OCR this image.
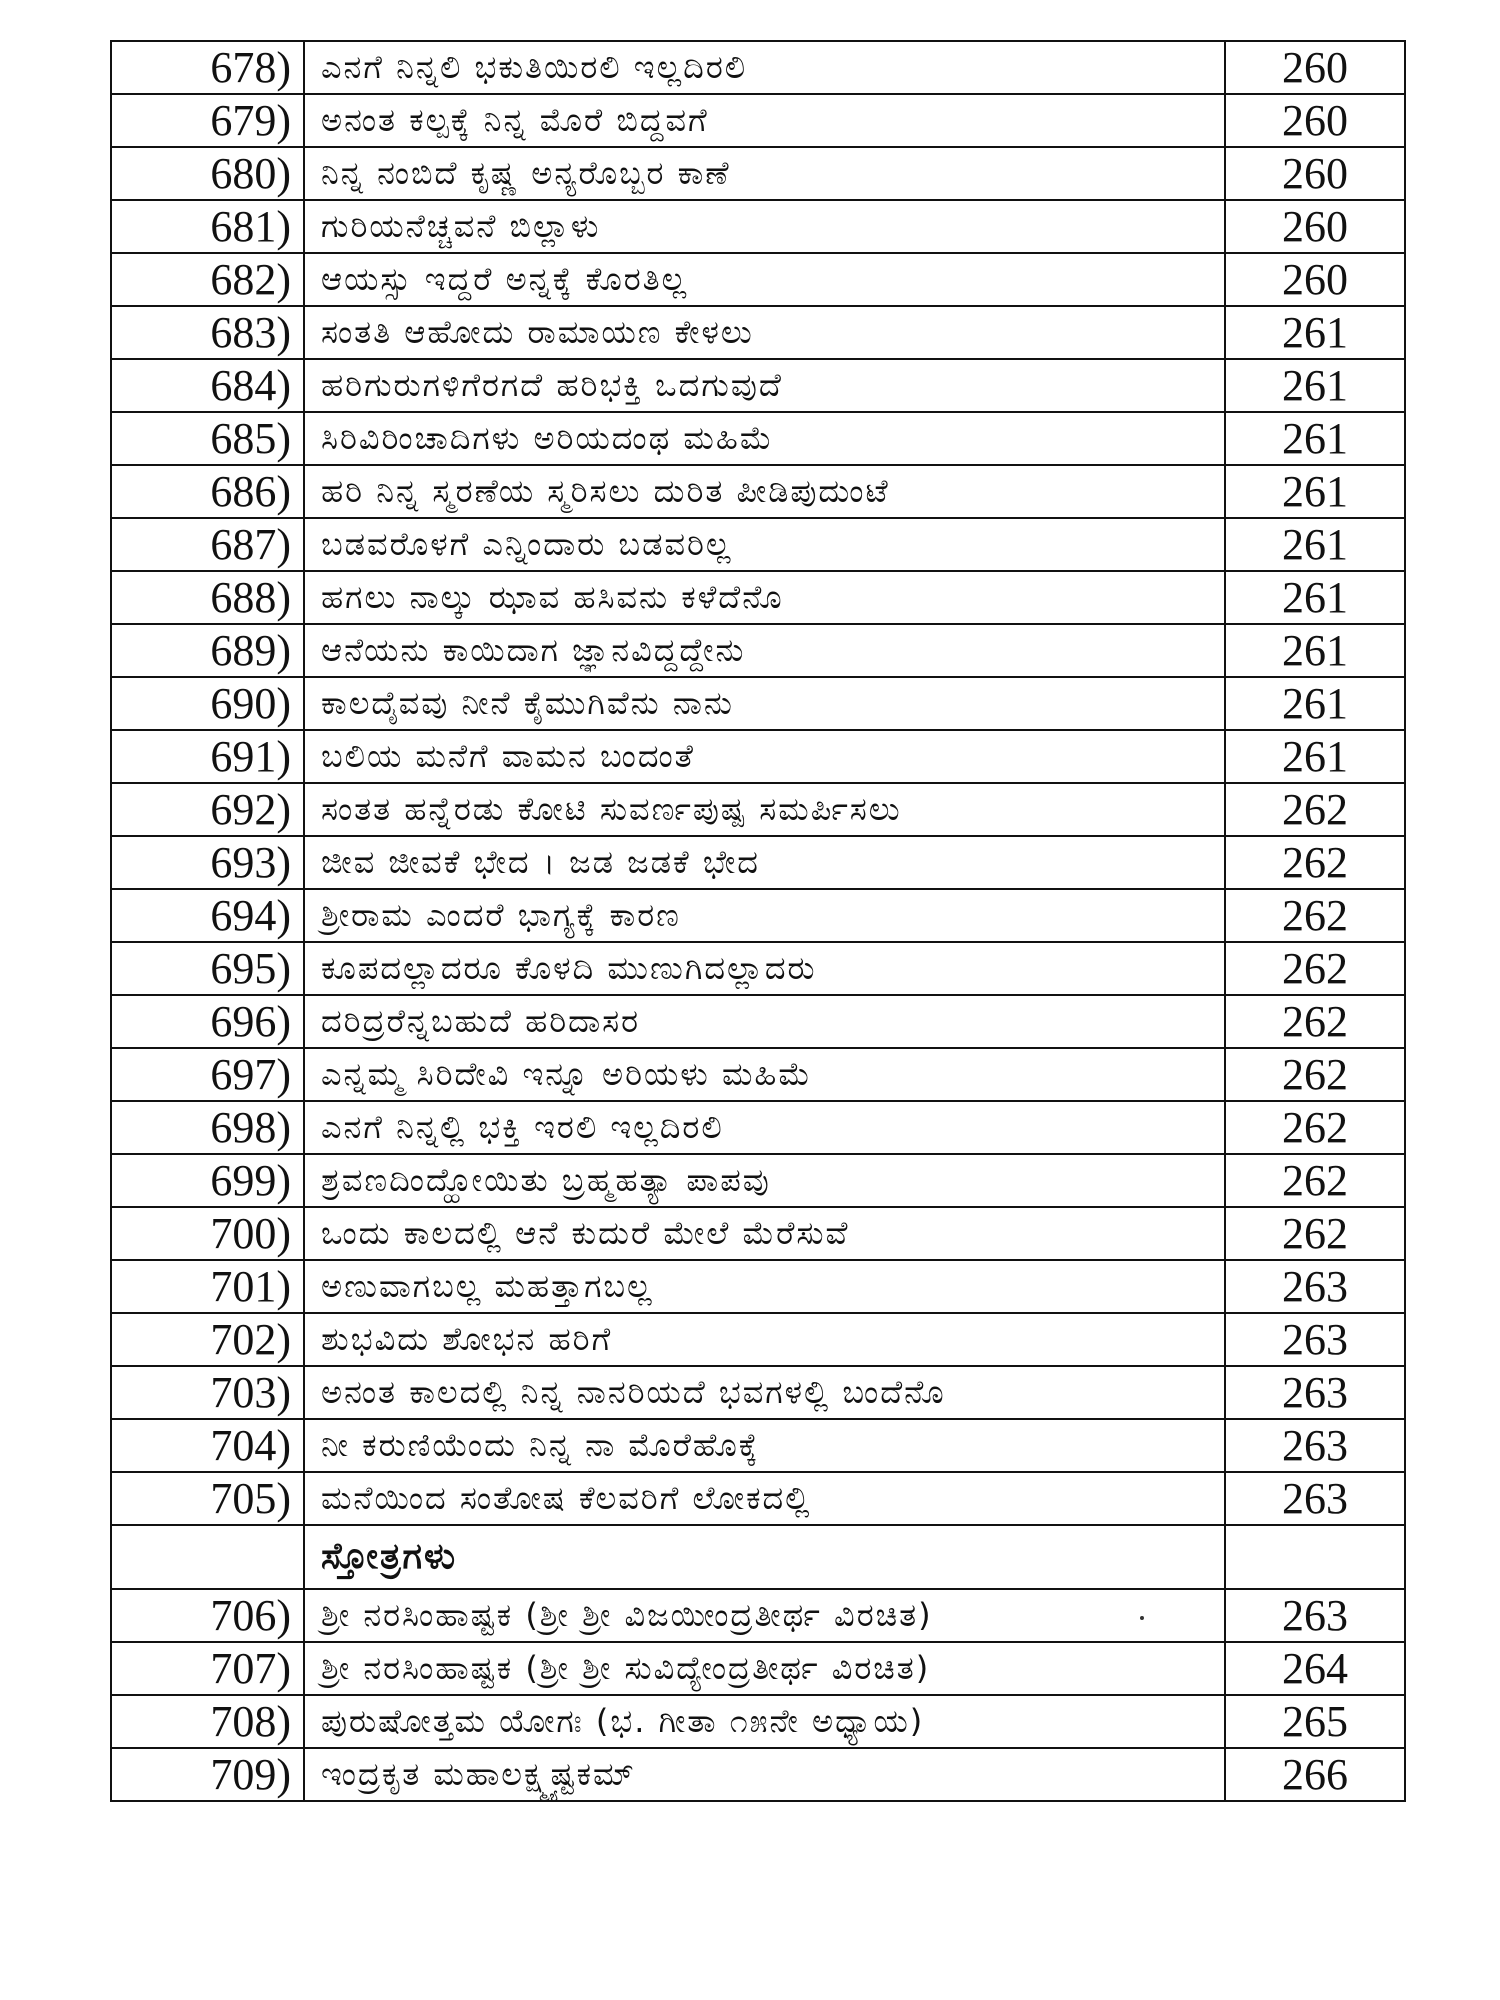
678)	ಎನಗೆ ನಿನ್ನಲಿ ಭಕುತಿಯಿರಲಿ ಇಲ್ಲದಿರಲಿ	260
679)	ಅನಂತ ಕಲ್ಪಕ್ಕೆ ನಿನ್ನ ಮೊರೆ ಬಿದ್ದವಗೆ	260
680)	ನಿನ್ನ ನಂಬಿದೆ ಕೃಷ್ಣ ಅನ್ಯರೊಬ್ಬರ ಕಾಣೆ	260
681)	ಗುರಿಯನೆಚ್ಚವನೆ ಬಿಲ್ಲಾಳು	260
682)	ಆಯಸ್ಸು ಇದ್ದರೆ ಅನ್ನಕ್ಕೆ ಕೊರತಿಲ್ಲ	260
683)	ಸಂತತಿ ಆಹೋದು ರಾಮಾಯಣ ಕೇಳಲು	261
684)	ಹರಿಗುರುಗಳಿಗೆರಗದೆ ಹರಿಭಕ್ತಿ ಒದಗುವುದೆ	261
685)	ಸಿರಿವಿರಿಂಚಾದಿಗಳು ಅರಿಯದಂಥ ಮಹಿಮೆ	261
686)	ಹರಿ ನಿನ್ನ ಸ್ಮರಣೆಯ ಸ್ಮರಿಸಲು ದುರಿತ ಪೀಡಿಪುದುಂಟೆ	261
687)	ಬಡವರೊಳಗೆ ಎನ್ನಿಂದಾರು ಬಡವರಿಲ್ಲ	261
688)	ಹಗಲು ನಾಲ್ಕು ಝಾವ ಹಸಿವನು ಕಳೆದೆನೊ	261
689)	ಆನೆಯನು ಕಾಯಿದಾಗ ಜ್ಞಾನವಿದ್ದದ್ದೇನು	261
690)	ಕಾಲದೈವವು ನೀನೆ ಕೈಮುಗಿವೆನು ನಾನು	261
691)	ಬಲಿಯ ಮನೆಗೆ ವಾಮನ ಬಂದಂತೆ	261
692)	ಸಂತತ ಹನ್ನೆರಡು ಕೋಟಿ ಸುವರ್ಣಪುಷ್ಪ ಸಮರ್ಪಿಸಲು	262
693)	ಜೀವ ಜೀವಕೆ ಭೇದ । ಜಡ ಜಡಕೆ ಭೇದ	262
694)	ಶ್ರೀರಾಮ ಎಂದರೆ ಭಾಗ್ಯಕ್ಕೆ ಕಾರಣ	262
695)	ಕೂಪದಲ್ಲಾದರೂ ಕೊಳದಿ ಮುಣುಗಿದಲ್ಲಾದರು	262
696)	ದರಿದ್ರರೆನ್ನಬಹುದೆ ಹರಿದಾಸರ	262
697)	ಎನ್ನಮ್ಮ ಸಿರಿದೇವಿ ಇನ್ನೂ ಅರಿಯಳು ಮಹಿಮೆ	262
698)	ಎನಗೆ ನಿನ್ನಲ್ಲಿ ಭಕ್ತಿ ಇರಲಿ ಇಲ್ಲದಿರಲಿ	262
699)	ಶ್ರವಣದಿಂದ್ಹೋಯಿತು ಬ್ರಹ್ಮಹತ್ಯಾ ಪಾಪವು	262
700)	ಒಂದು ಕಾಲದಲ್ಲಿ ಆನೆ ಕುದುರೆ ಮೇಲೆ ಮೆರೆಸುವೆ	262
701)	ಅಣುವಾಗಬಲ್ಲ ಮಹತ್ತಾಗಬಲ್ಲ	263
702)	ಶುಭವಿದು ಶೋಭನ ಹರಿಗೆ	263
703)	ಅನಂತ ಕಾಲದಲ್ಲಿ ನಿನ್ನ ನಾನರಿಯದೆ ಭವಗಳಲ್ಲಿ ಬಂದೆನೊ	263
704)	ನೀ ಕರುಣಿಯೆಂದು ನಿನ್ನ ನಾ ಮೊರೆಹೊಕ್ಕೆ	263
705)	ಮನೆಯಿಂದ ಸಂತೋಷ ಕೆಲವರಿಗೆ ಲೋಕದಲ್ಲಿ	263
	ಸ್ತೋತ್ರಗಳು	
706)	ಶ್ರೀ ನರಸಿಂಹಾಷ್ಟಕ (ಶ್ರೀ ಶ್ರೀ ವಿಜಯೀಂದ್ರತೀರ್ಥ ವಿರಚಿತ)	263
707)	ಶ್ರೀ ನರಸಿಂಹಾಷ್ಟಕ (ಶ್ರೀ ಶ್ರೀ ಸುವಿದ್ಯೇಂದ್ರತೀರ್ಥ ವಿರಚಿತ)	264
708)	ಪುರುಷೋತ್ತಮ ಯೋಗಃ (ಭ. ಗೀತಾ ೧೫ನೇ ಅಧ್ಯಾಯ)	265
709)	ಇಂದ್ರಕೃತ ಮಹಾಲಕ್ಷ್ಮ್ಯಷ್ಟಕಮ್	266
